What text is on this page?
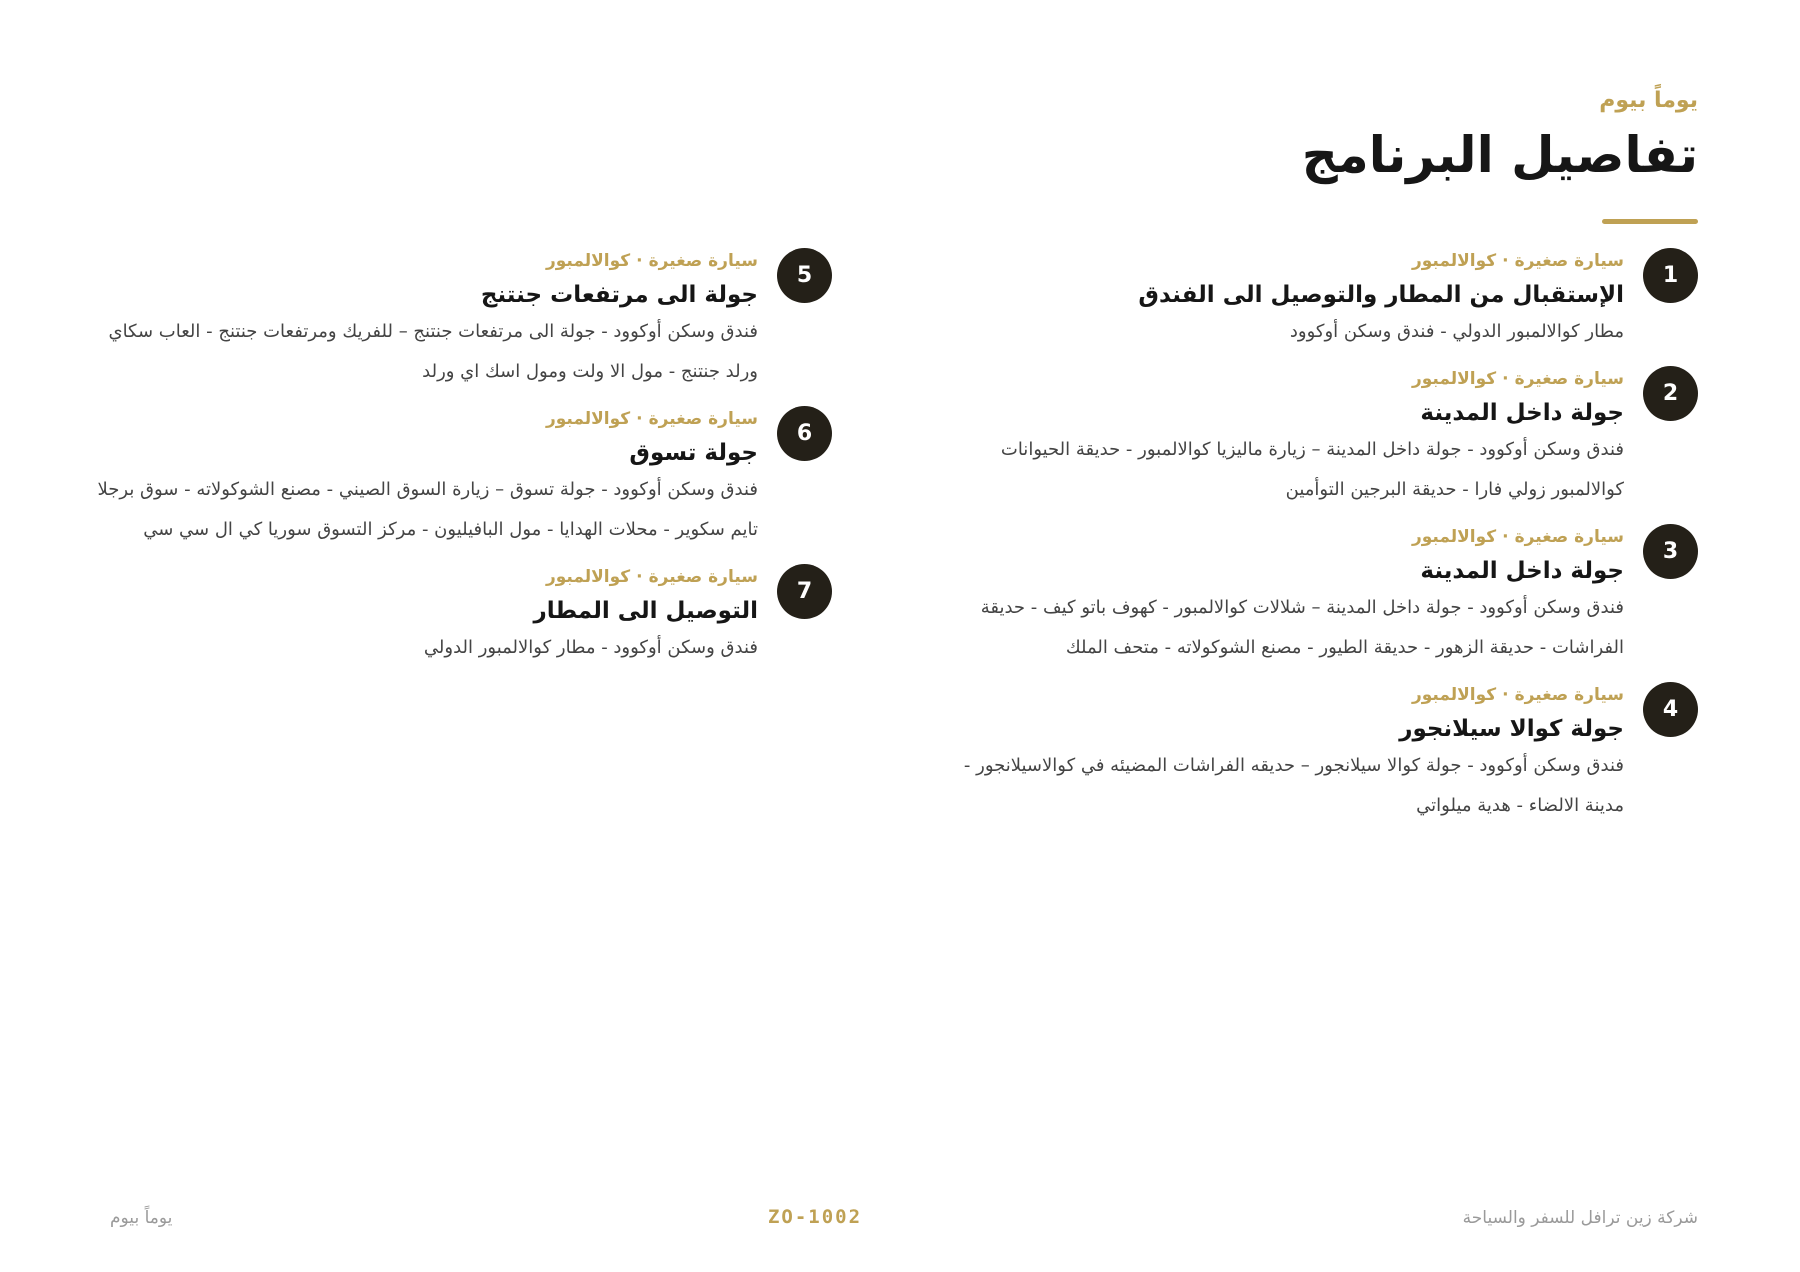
يوماً بيوم
تفاصيل البرنامج
1
سيارة صغيرة·كوالالمبور
الإستقبال من المطار والتوصيل الى الفندق
مطار كوالالمبور الدولي - فندق وسكن أوكوود
2
سيارة صغيرة·كوالالمبور
جولة داخل المدينة
فندق وسكن أوكوود - جولة داخل المدينة – زيارة ماليزيا كوالالمبور - حديقة الحيوانات كوالالمبور زولي فارا - حديقة البرجين التوأمين
3
سيارة صغيرة·كوالالمبور
جولة داخل المدينة
فندق وسكن أوكوود - جولة داخل المدينة – شلالات كوالالمبور - كهوف باتو كيف - حديقة الفراشات - حديقة الزهور - حديقة الطيور - مصنع الشوكولاته - متحف الملك
4
سيارة صغيرة·كوالالمبور
جولة كوالا سيلانجور
فندق وسكن أوكوود - جولة كوالا سيلانجور – حديقه الفراشات المضيئه في كوالاسيلانجور - مدينة الالضاء - هدية ميلواتي
5
سيارة صغيرة·كوالالمبور
جولة الى مرتفعات جنتنج
فندق وسكن أوكوود - جولة الى مرتفعات جنتنج – للفريك ومرتفعات جنتنج - العاب سكاي ورلد جنتنج - مول الا ولت ومول اسك اي ورلد
6
سيارة صغيرة·كوالالمبور
جولة تسوق
فندق وسكن أوكوود - جولة تسوق – زيارة السوق الصيني - مصنع الشوكولاته - سوق برجلا تايم سكوير - محلات الهدايا - مول البافيليون - مركز التسوق سوريا كي ال سي سي
7
سيارة صغيرة·كوالالمبور
التوصيل الى المطار
فندق وسكن أوكوود - مطار كوالالمبور الدولي
شركة زين ترافل للسفر والسياحة
ZO-1002
يوماً بيوم
